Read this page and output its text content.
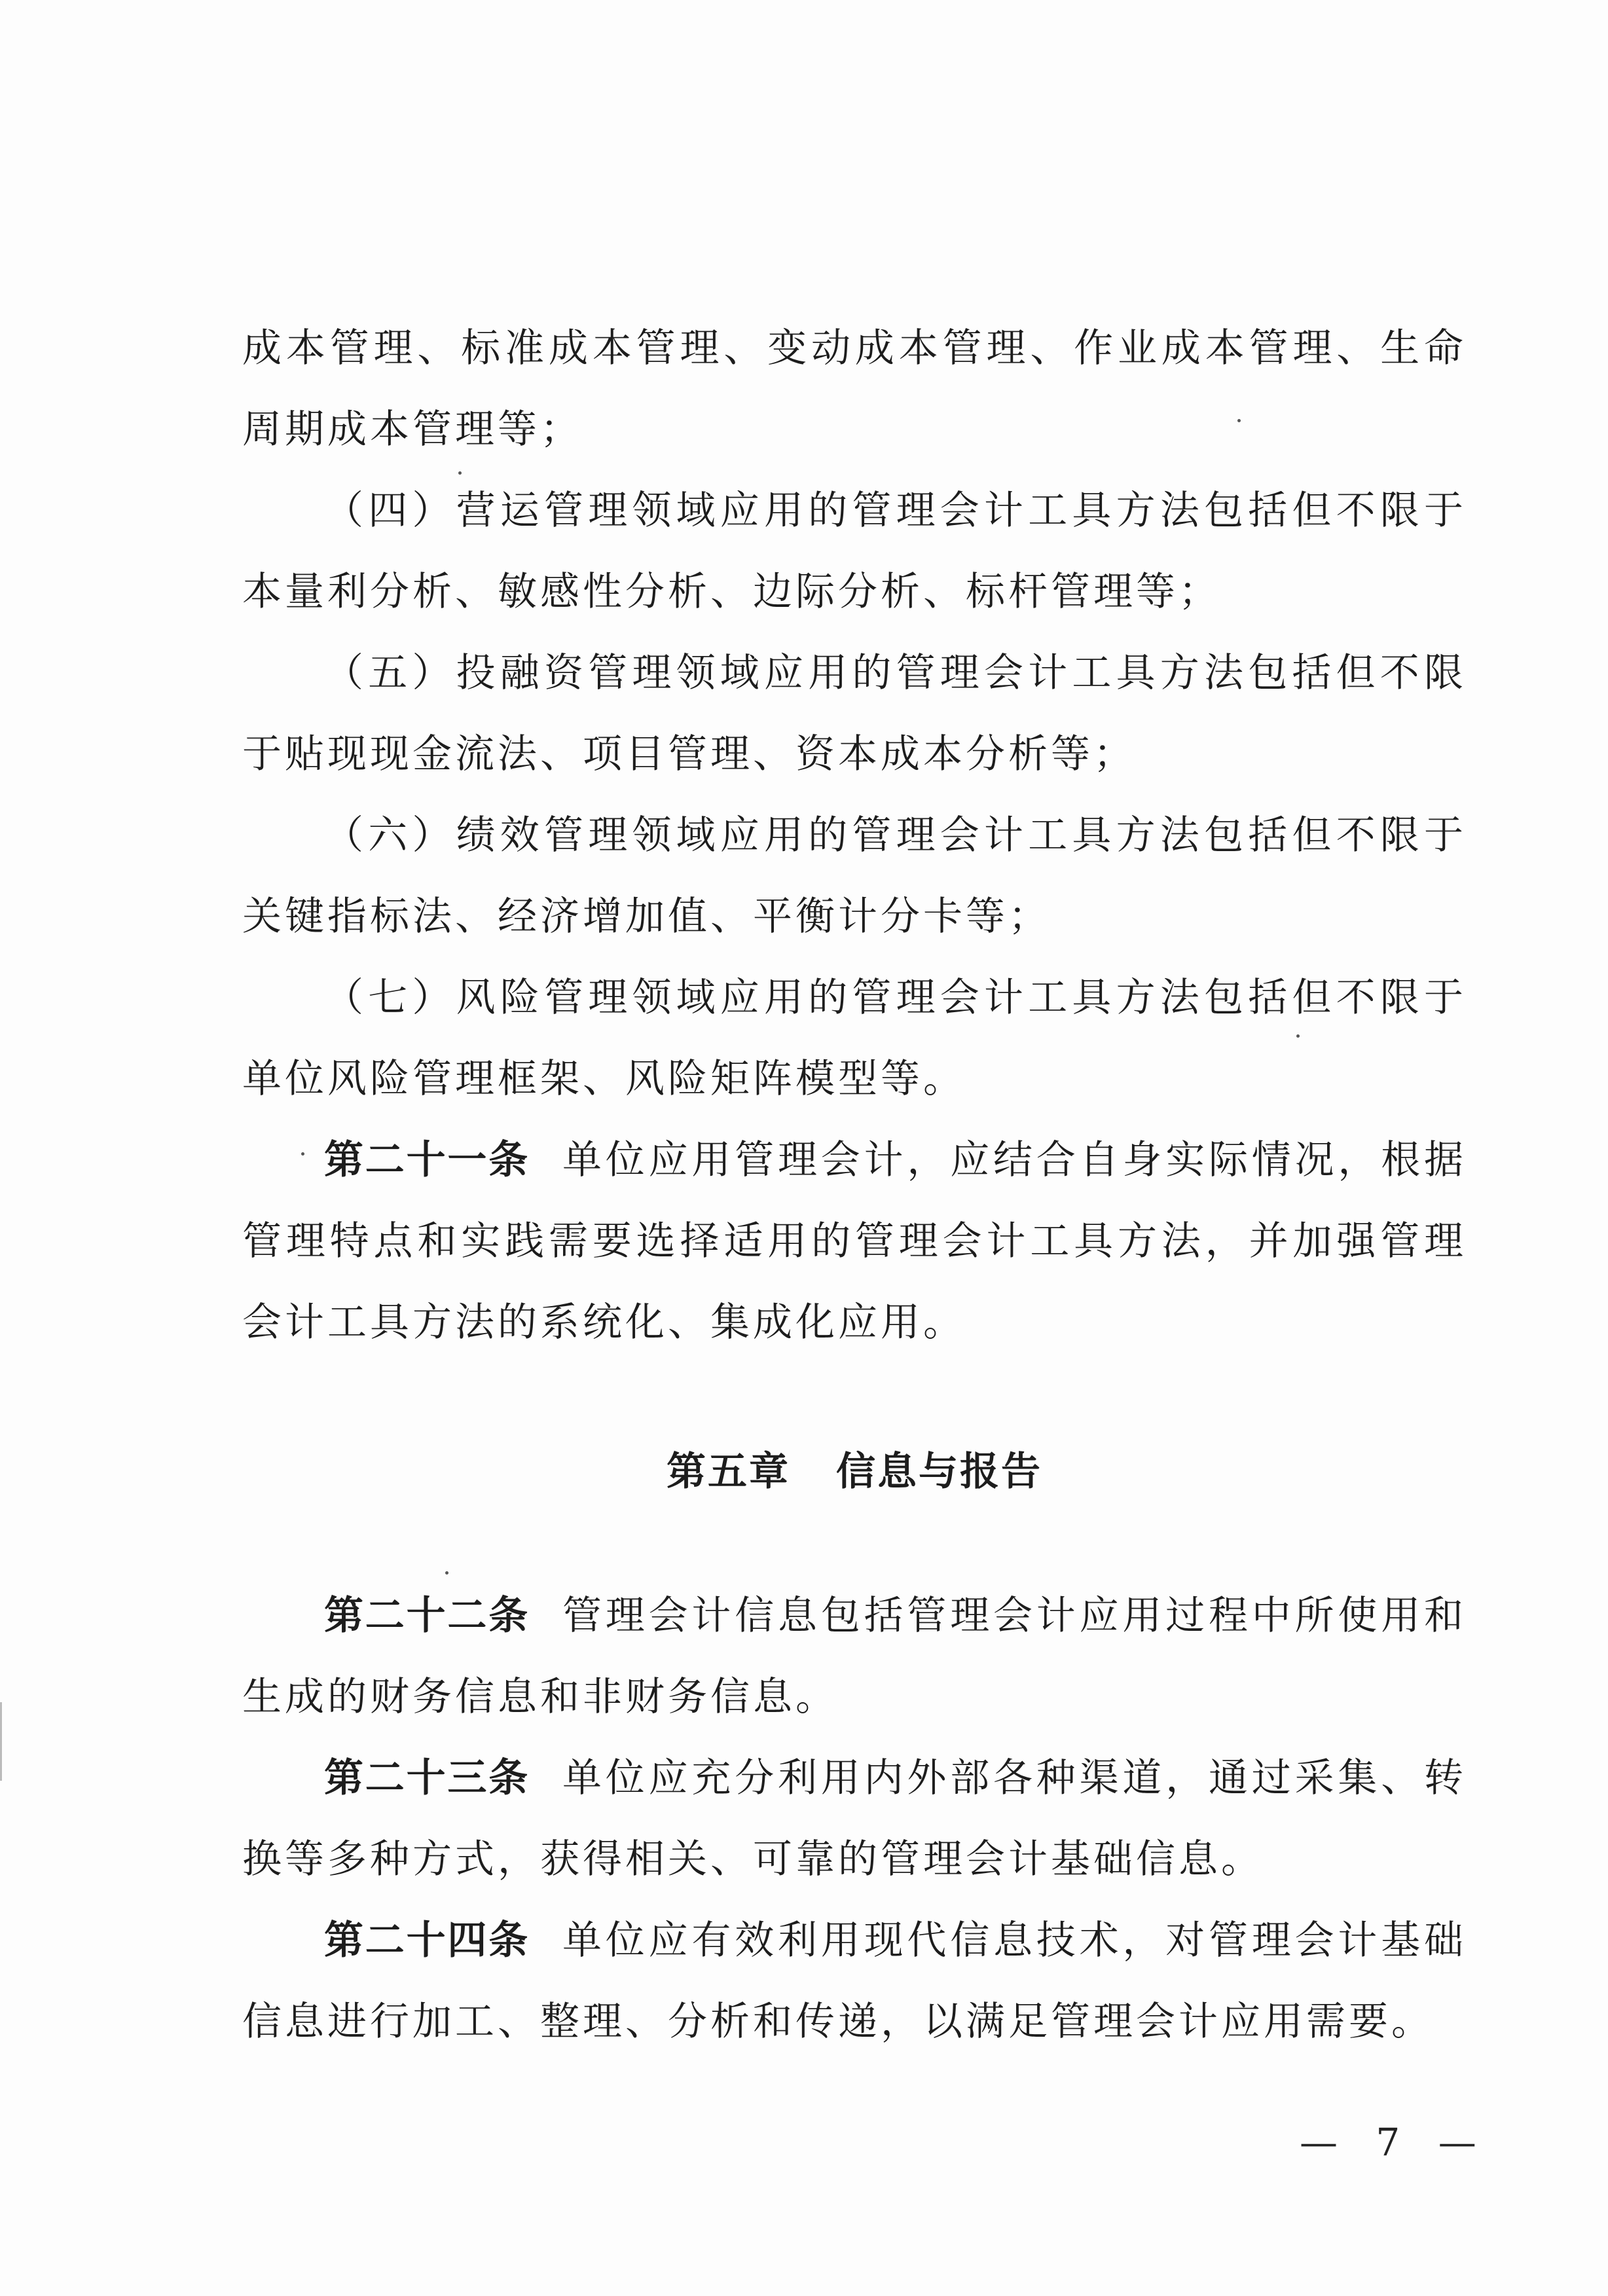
成本管理、标准成本管理、变动成本管理、作业成本管理、生命周期成本管理等；

（四）营运管理领域应用的管理会计工具方法包括但不限于本量利分析、敏感性分析、边际分析、标杆管理等；

（五）投融资管理领域应用的管理会计工具方法包括但不限于贴现现金流法、项目管理、资本成本分析等；

（六）绩效管理领域应用的管理会计工具方法包括但不限于关键指标法、经济增加值、平衡计分卡等；

（七）风险管理领域应用的管理会计工具方法包括但不限于单位风险管理框架、风险矩阵模型等。

第二十一条 单位应用管理会计，应结合自身实际情况，根据管理特点和实践需要选择适用的管理会计工具方法，并加强管理会计工具方法的系统化、集成化应用。

第五章 信息与报告

第二十二条 管理会计信息包括管理会计应用过程中所使用和生成的财务信息和非财务信息。

第二十三条 单位应充分利用内外部各种渠道，通过采集、转换等多种方式，获得相关、可靠的管理会计基础信息。

第二十四条 单位应有效利用现代信息技术，对管理会计基础信息进行加工、整理、分析和传递，以满足管理会计应用需要。

— 7 —
